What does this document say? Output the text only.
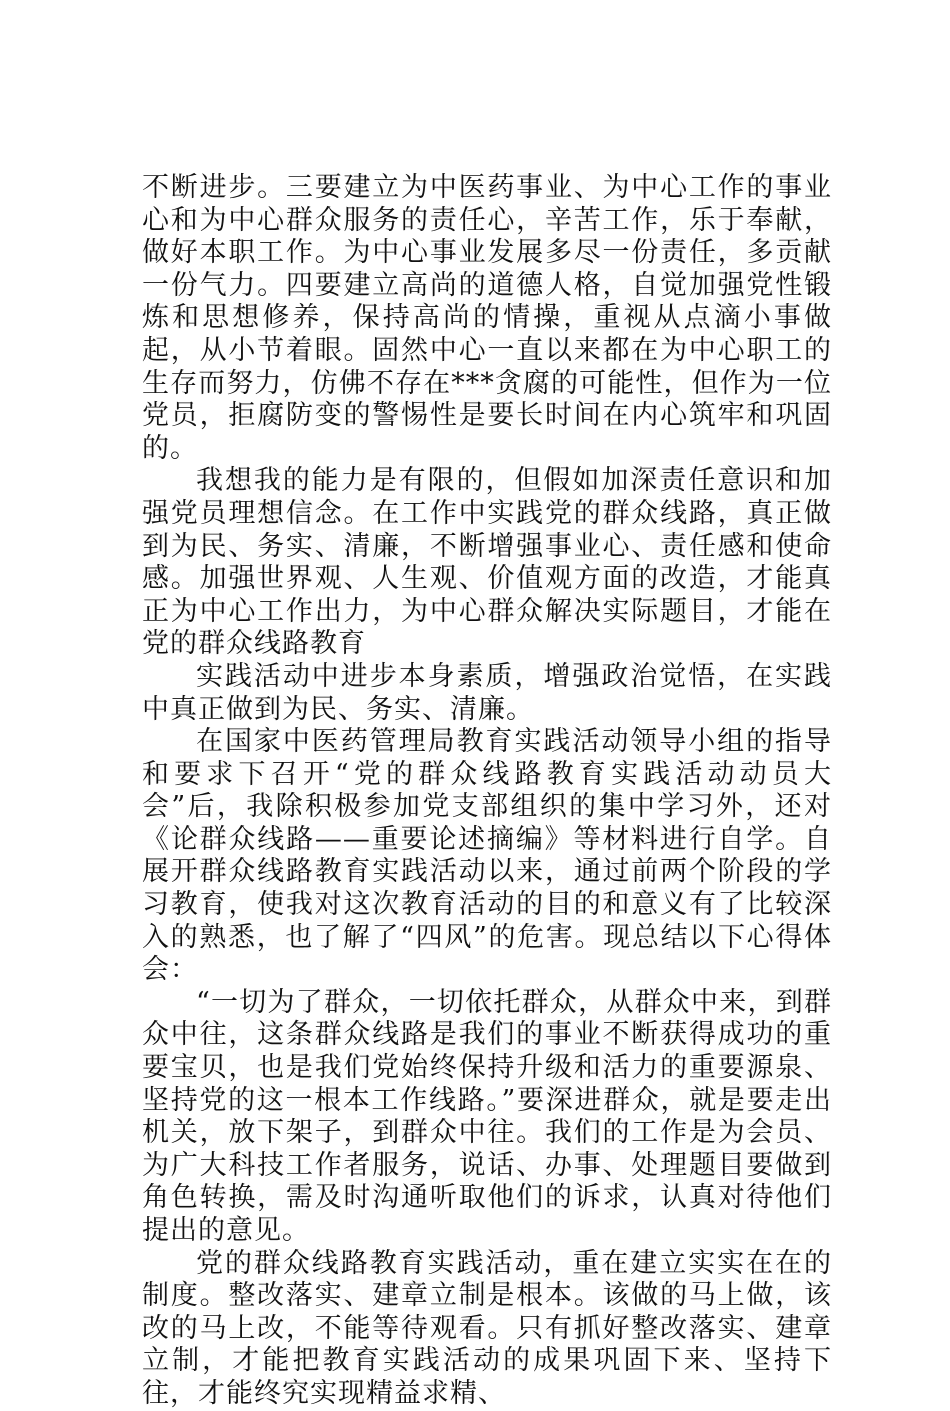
不断进步。三要建立为中医药事业、为中心工作的事业心和为中心群众服务的责任心，辛苦工作，乐于奉献，做好本职工作。为中心事业发展多尽一份责任，多贡献一份气力。四要建立高尚的道德人格，自觉加强党性锻炼和思想修养，保持高尚的情操，重视从点滴小事做起，从小节着眼。固然中心一直以来都在为中心职工的生存而努力，仿佛不存在***贪腐的可能性，但作为一位党员，拒腐防变的警惕性是要长时间在内心筑牢和巩固的。

我想我的能力是有限的，但假如加深责任意识和加强党员理想信念。在工作中实践党的群众线路，真正做到为民、务实、清廉，不断增强事业心、责任感和使命感。加强世界观、人生观、价值观方面的改造，才能真正为中心工作出力，为中心群众解决实际题目，才能在党的群众线路教育

实践活动中进步本身素质，增强政治觉悟，在实践中真正做到为民、务实、清廉。

在国家中医药管理局教育实践活动领导小组的指导和要求下召开“党的群众线路教育实践活动动员大会”后，我除积极参加党支部组织的集中学习外，还对《论群众线路——重要论述摘编》等材料进行自学。自展开群众线路教育实践活动以来，通过前两个阶段的学习教育，使我对这次教育活动的目的和意义有了比较深入的熟悉，也了解了“四风”的危害。现总结以下心得体会：

“一切为了群众，一切依托群众，从群众中来，到群众中往，这条群众线路是我们的事业不断获得成功的重要宝贝，也是我们党始终保持升级和活力的重要源泉、坚持党的这一根本工作线路。”要深进群众，就是要走出机关，放下架子，到群众中往。我们的工作是为会员、为广大科技工作者服务，说话、办事、处理题目要做到角色转换，需及时沟通听取他们的诉求，认真对待他们提出的意见。

党的群众线路教育实践活动，重在建立实实在在的制度。整改落实、建章立制是根本。该做的马上做，该改的马上改，不能等待观看。只有抓好整改落实、建章立制，才能把教育实践活动的成果巩固下来、坚持下往，才能终究实现精益求精、
